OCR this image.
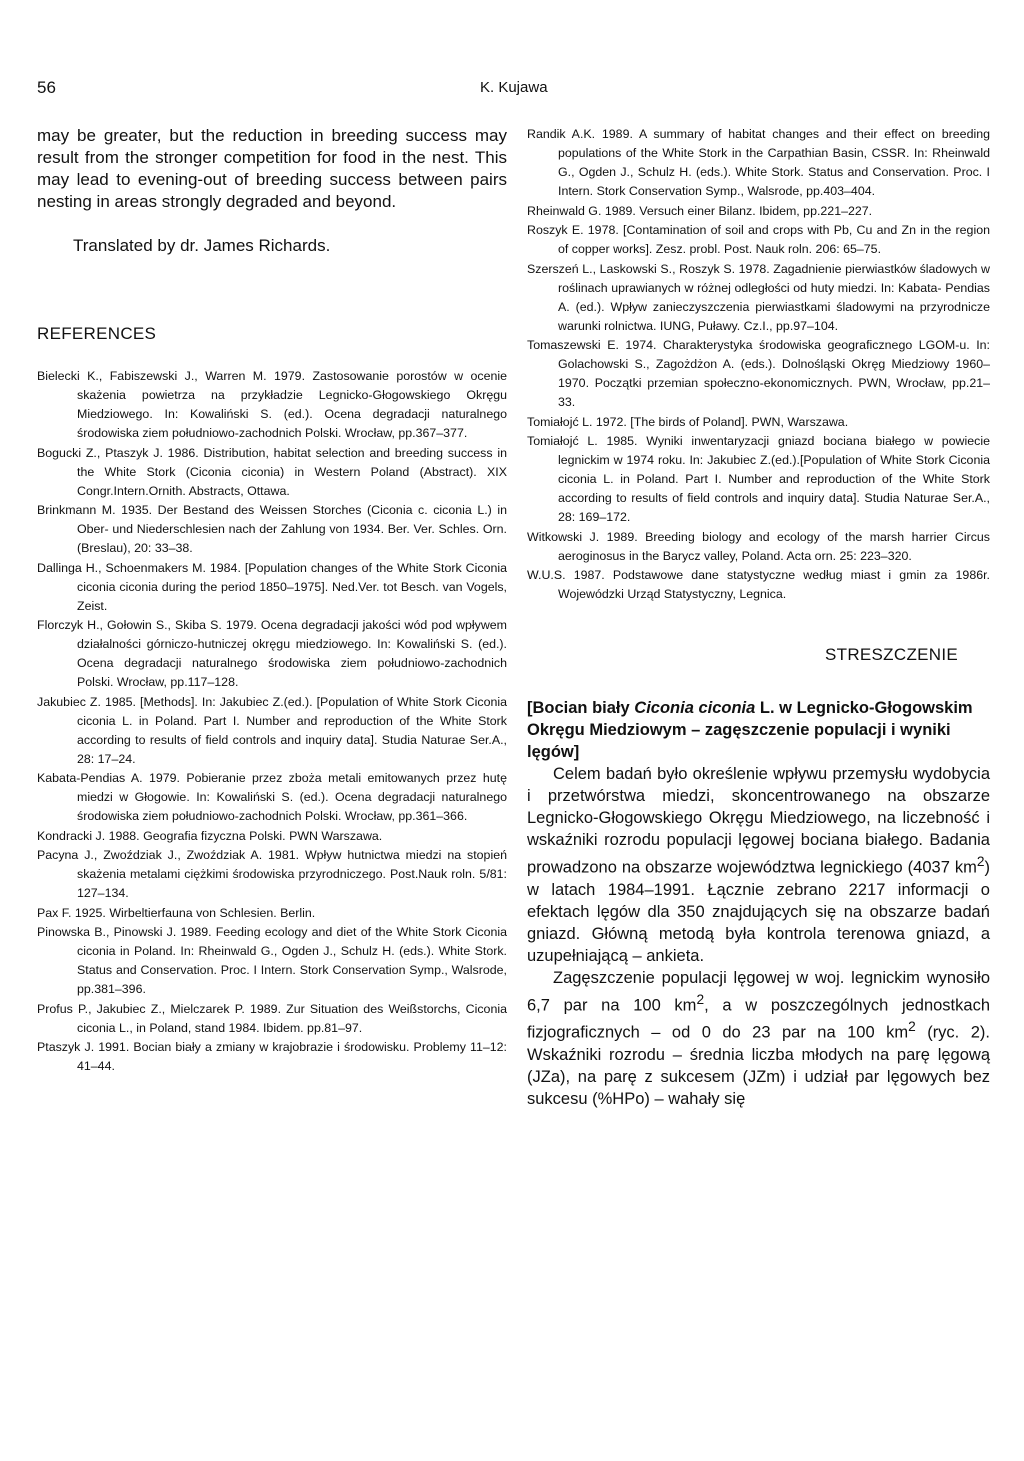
56	K. Kujawa

may be greater, but the reduction in breeding success may result from the stronger competition for food in the nest. This may lead to evening-out of breeding success between pairs nesting in areas strongly degraded and beyond.

Translated by dr. James Richards.
REFERENCES

Bielecki K., Fabiszewski J., Warren M. 1979. Zastosowanie porostów w ocenie skażenia powietrza na przykładzie Legnicko-Głogowskiego Okręgu Miedziowego. In: Kowaliński S. (ed.). Ocena degradacji naturalnego środowiska ziem południowo-zachodnich Polski. Wrocław, pp.367–377.

Bogucki Z., Ptaszyk J. 1986. Distribution, habitat selection and breeding success in the White Stork (Ciconia ciconia) in Western Poland (Abstract). XIX Congr.Intern.Ornith. Abstracts, Ottawa.

Brinkmann M. 1935. Der Bestand des Weissen Storches (Ciconia c. ciconia L.) in Ober- und Niederschlesien nach der Zahlung von 1934. Ber. Ver. Schles. Orn. (Breslau), 20: 33–38.

Dallinga H., Schoenmakers M. 1984. [Population changes of the White Stork Ciconia ciconia ciconia during the period 1850–1975]. Ned.Ver. tot Besch. van Vogels, Zeist.

Florczyk H., Gołowin S., Skiba S. 1979. Ocena degradacji jakości wód pod wpływem działalności górniczo-hutniczej okręgu miedziowego. In: Kowaliński S. (ed.). Ocena degradacji naturalnego środowiska ziem południowo-zachodnich Polski. Wrocław, pp.117–128.

Jakubiec Z. 1985. [Methods]. In: Jakubiec Z.(ed.). [Population of White Stork Ciconia ciconia L. in Poland. Part I. Number and reproduction of the White Stork according to results of field controls and inquiry data]. Studia Naturae Ser.A., 28: 17–24.

Kabata-Pendias A. 1979. Pobieranie przez zboża metali emitowanych przez hutę miedzi w Głogowie. In: Kowaliński S. (ed.). Ocena degradacji naturalnego środowiska ziem południowo-zachodnich Polski. Wrocław, pp.361–366.

Kondracki J. 1988. Geografia fizyczna Polski. PWN Warszawa.

Pacyna J., Zwoździak J., Zwoździak A. 1981. Wpływ hutnictwa miedzi na stopień skażenia metalami ciężkimi środowiska przyrodniczego. Post.Nauk roln. 5/81: 127–134.

Pax F. 1925. Wirbeltierfauna von Schlesien. Berlin.

Pinowska B., Pinowski J. 1989. Feeding ecology and diet of the White Stork Ciconia ciconia in Poland. In: Rheinwald G., Ogden J., Schulz H. (eds.). White Stork. Status and Conservation. Proc. I Intern. Stork Conservation Symp., Walsrode, pp.381–396.

Profus P., Jakubiec Z., Mielczarek P. 1989. Zur Situation des Weißstorchs, Ciconia ciconia L., in Poland, stand 1984. Ibidem. pp.81–97.

Ptaszyk J. 1991. Bocian biały a zmiany w krajobrazie i środowisku. Problemy 11–12: 41–44.

Randik A.K. 1989. A summary of habitat changes and their effect on breeding populations of the White Stork in the Carpathian Basin, CSSR. In: Rheinwald G., Ogden J., Schulz H. (eds.). White Stork. Status and Conservation. Proc. I Intern. Stork Conservation Symp., Walsrode, pp.403–404.

Rheinwald G. 1989. Versuch einer Bilanz. Ibidem, pp.221–227.

Roszyk E. 1978. [Contamination of soil and crops with Pb, Cu and Zn in the region of copper works]. Zesz. probl. Post. Nauk roln. 206: 65–75.

Szerszeń L., Laskowski S., Roszyk S. 1978. Zagadnienie pierwiastków śladowych w roślinach uprawianych w różnej odległości od huty miedzi. In: Kabata- Pendias A. (ed.). Wpływ zanieczyszczenia pierwiastkami śladowymi na przyrodnicze warunki rolnictwa. IUNG, Puławy. Cz.I., pp.97–104.

Tomaszewski E. 1974. Charakterystyka środowiska geograficznego LGOM-u. In: Golachowski S., Zagożdżon A. (eds.). Dolnośląski Okręg Miedziowy 1960– 1970. Początki przemian społeczno-ekonomicznych. PWN, Wrocław, pp.21–33.

Tomiałojć L. 1972. [The birds of Poland]. PWN, Warszawa.

Tomiałojć L. 1985. Wyniki inwentaryzacji gniazd bociana białego w powiecie legnickim w 1974 roku. In: Jakubiec Z.(ed.).[Population of White Stork Ciconia ciconia L. in Poland. Part I. Number and reproduction of the White Stork according to results of field controls and inquiry data]. Studia Naturae Ser.A., 28: 169–172.

Witkowski J. 1989. Breeding biology and ecology of the marsh harrier Circus aeroginosus in the Barycz valley, Poland. Acta orn. 25: 223–320.

W.U.S. 1987. Podstawowe dane statystyczne według miast i gmin za 1986r. Wojewódzki Urząd Statystyczny, Legnica.

STRESZCZENIE
[Bocian biały Ciconia ciconia L. w Legnicko-Głogowskim Okręgu Miedziowym – zagęszczenie populacji i wyniki lęgów]

Celem badań było określenie wpływu przemysłu wydobycia i przetwórstwa miedzi, skoncentrowanego na obszarze Legnicko-Głogowskiego Okręgu Miedziowego, na liczebność i wskaźniki rozrodu populacji lęgowej bociana białego. Badania prowadzono na obszarze województwa legnickiego (4037 $km^2$) w latach 1984–1991. Łącznie zebrano 2217 informacji o efektach lęgów dla 350 znajdujących się na obszarze badań gniazd. Główną metodą była kontrola terenowa gniazd, a uzupełniającą – ankieta.

Zagęszczenie populacji lęgowej w woj. legnickim wynosiło 6,7 par na 100 $km^2$, a w poszczególnych jednostkach fizjograficznych – od 0 do 23 par na 100 $km^2$ (ryc. 2). Wskaźniki rozrodu – średnia liczba młodych na parę lęgową (JZa), na parę z sukcesem (JZm) i udział par lęgowych bez sukcesu (%HPo) – wahały się
